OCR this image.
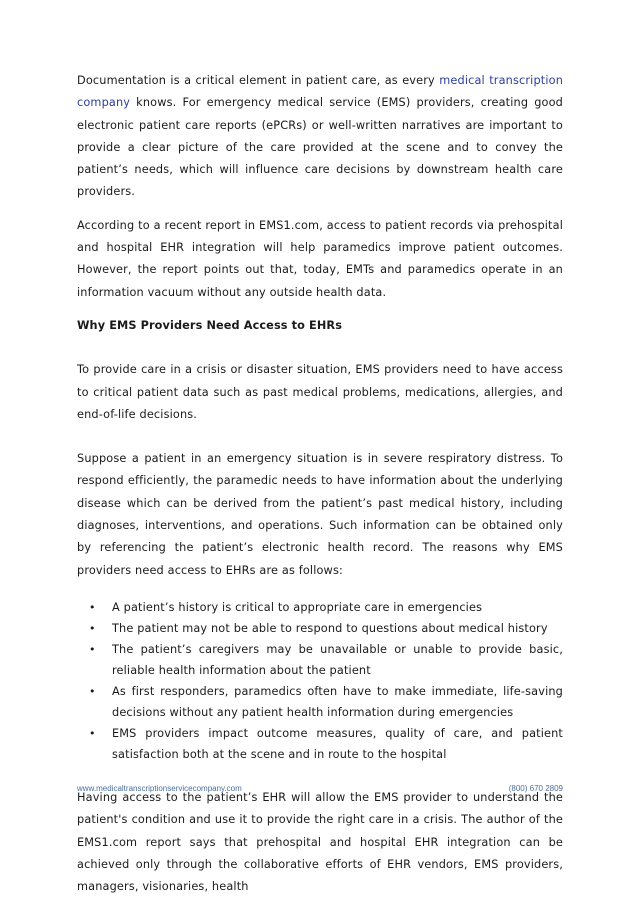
Documentation is a critical element in patient care, as every medical transcription company knows. For emergency medical service (EMS) providers, creating good electronic patient care reports (ePCRs) or well-written narratives are important to provide a clear picture of the care provided at the scene and to convey the patient’s needs, which will influence care decisions by downstream health care providers.

According to a recent report in EMS1.com, access to patient records via prehospital and hospital EHR integration will help paramedics improve patient outcomes. However, the report points out that, today, EMTs and paramedics operate in an information vacuum without any outside health data.

Why EMS Providers Need Access to EHRs

To provide care in a crisis or disaster situation, EMS providers need to have access to critical patient data such as past medical problems, medications, allergies, and end-of-life decisions.

Suppose a patient in an emergency situation is in severe respiratory distress. To respond efficiently, the paramedic needs to have information about the underlying disease which can be derived from the patient’s past medical history, including diagnoses, interventions, and operations. Such information can be obtained only by referencing the patient’s electronic health record. The reasons why EMS providers need access to EHRs are as follows:

• A patient’s history is critical to appropriate care in emergencies
• The patient may not be able to respond to questions about medical history
• The patient’s caregivers may be unavailable or unable to provide basic, reliable health information about the patient
• As first responders, paramedics often have to make immediate, life-saving decisions without any patient health information during emergencies
• EMS providers impact outcome measures, quality of care, and patient satisfaction both at the scene and in route to the hospital

Having access to the patient’s EHR will allow the EMS provider to understand the patient's condition and use it to provide the right care in a crisis. The author of the EMS1.com report says that prehospital and hospital EHR integration can be achieved only through the collaborative efforts of EHR vendors, EMS providers, managers, visionaries, health

www.medicaltranscriptionservicecompany.com	(800) 670 2809
